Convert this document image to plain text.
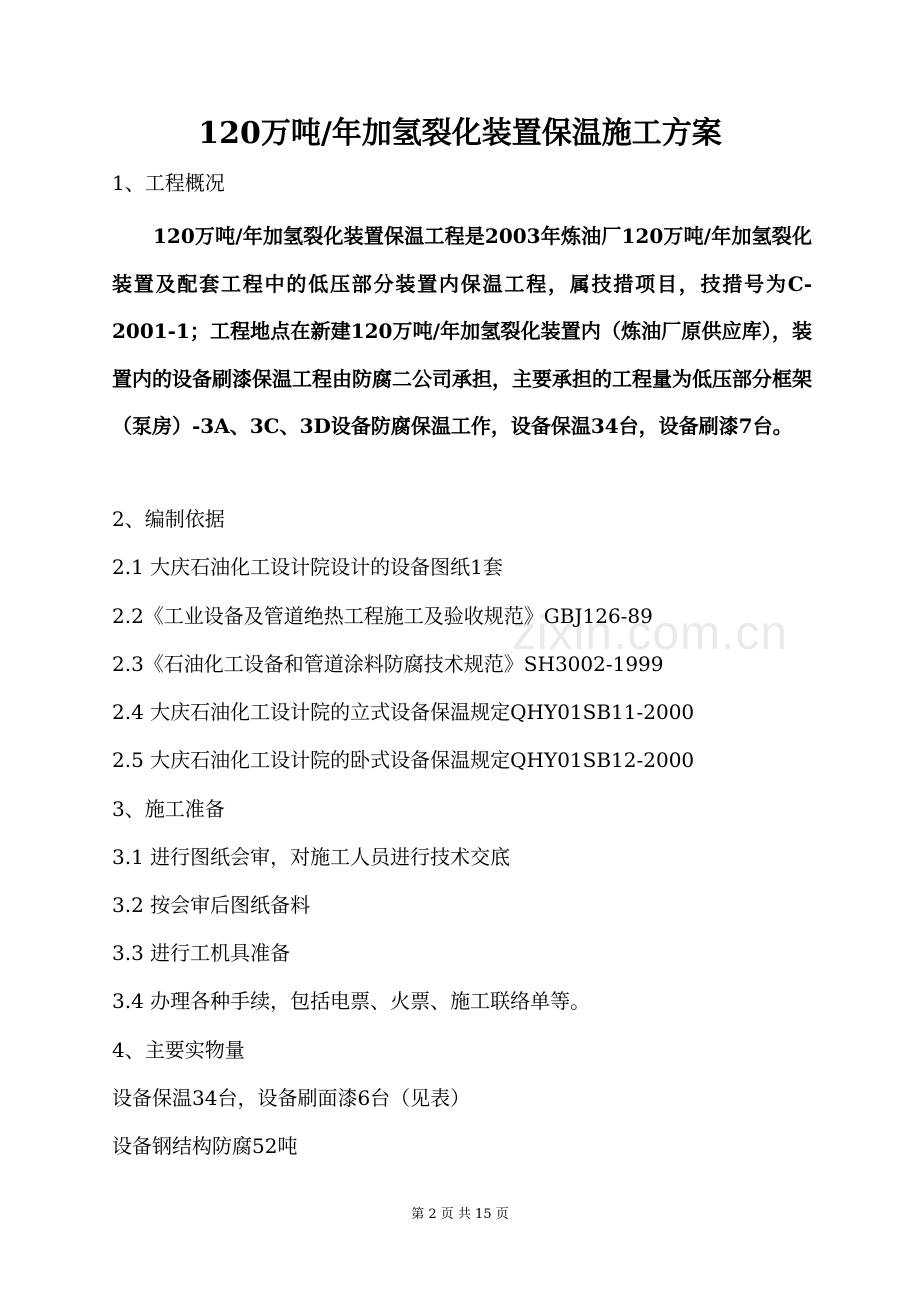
120万吨/年加氢裂化装置保温施工方案
1、工程概况
120万吨/年加氢裂化装置保温工程是2003年炼油厂120万吨/年加氢裂化装置及配套工程中的低压部分装置内保温工程，属技措项目，技措号为C-2001-1；工程地点在新建120万吨/年加氢裂化装置内（炼油厂原供应库），装置内的设备刷漆保温工程由防腐二公司承担，主要承担的工程量为低压部分框架（泵房）-3A、3C、3D设备防腐保温工作，设备保温34台，设备刷漆7台。
2、编制依据
2.1 大庆石油化工设计院设计的设备图纸1套
2.2《工业设备及管道绝热工程施工及验收规范》GBJ126-89
2.3《石油化工设备和管道涂料防腐技术规范》SH3002-1999
2.4 大庆石油化工设计院的立式设备保温规定QHY01SB11-2000
2.5 大庆石油化工设计院的卧式设备保温规定QHY01SB12-2000
3、施工准备
3.1 进行图纸会审，对施工人员进行技术交底
3.2 按会审后图纸备料
3.3 进行工机具准备
3.4 办理各种手续，包括电票、火票、施工联络单等。
4、主要实物量
设备保温34台，设备刷面漆6台（见表）
设备钢结构防腐52吨
zixin.com.cn
第 2 页 共 15 页
